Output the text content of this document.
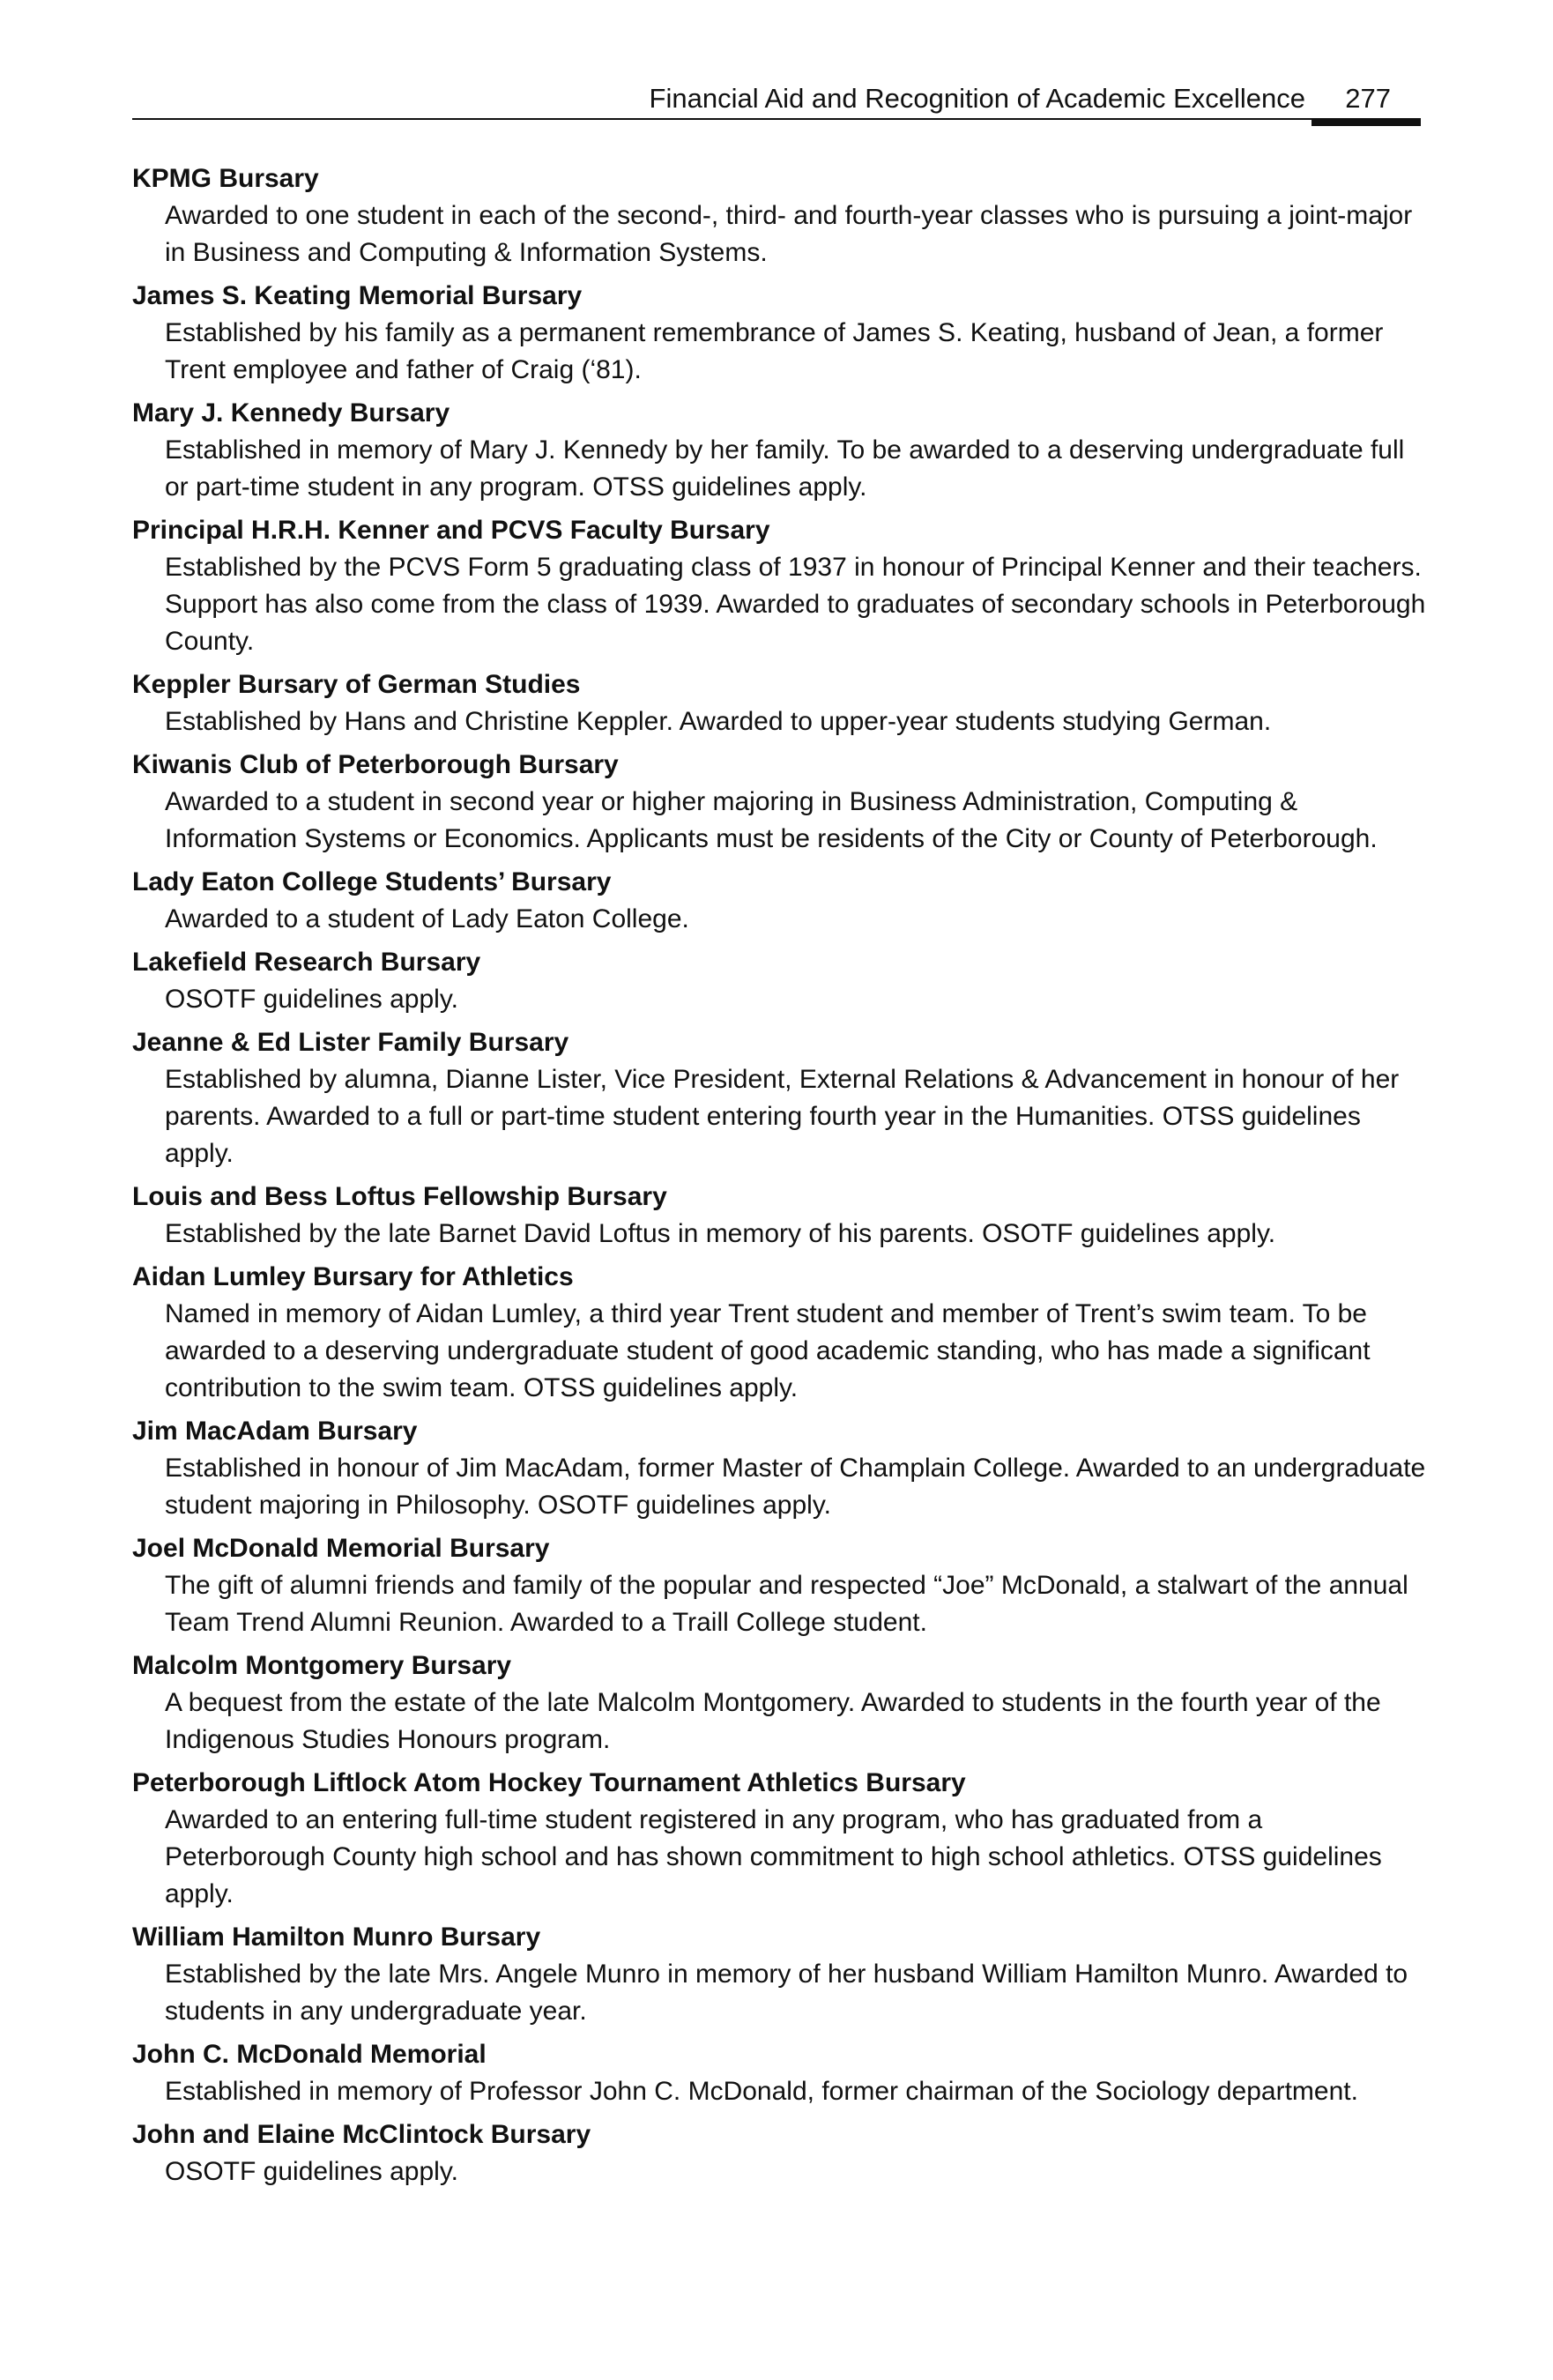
Financial Aid and Recognition of Academic Excellence 277
KPMG Bursary
Awarded to one student in each of the second-, third- and fourth-year classes who is pursuing a joint-major in Business and Computing & Information Systems.
James S. Keating Memorial Bursary
Established by his family as a permanent remembrance of James S. Keating, husband of Jean, a former Trent employee and father of Craig (‘81).
Mary J. Kennedy Bursary
Established in memory of Mary J. Kennedy by her family. To be awarded to a deserving undergraduate full or part-time student in any program. OTSS guidelines apply.
Principal H.R.H. Kenner and PCVS Faculty Bursary
Established by the PCVS Form 5 graduating class of 1937 in honour of Principal Kenner and their teachers. Support has also come from the class of 1939. Awarded to graduates of secondary schools in Peterborough County.
Keppler Bursary of German Studies
Established by Hans and Christine Keppler. Awarded to upper-year students studying German.
Kiwanis Club of Peterborough Bursary
Awarded to a student in second year or higher majoring in Business Administration, Computing & Information Systems or Economics. Applicants must be residents of the City or County of Peterborough.
Lady Eaton College Students’ Bursary
Awarded to a student of Lady Eaton College.
Lakefield Research Bursary
OSOTF guidelines apply.
Jeanne & Ed Lister Family Bursary
Established by alumna, Dianne Lister, Vice President, External Relations & Advancement in honour of her parents. Awarded to a full or part-time student entering fourth year in the Humanities. OTSS guidelines apply.
Louis and Bess Loftus Fellowship Bursary
Established by the late Barnet David Loftus in memory of his parents. OSOTF guidelines apply.
Aidan Lumley Bursary for Athletics
Named in memory of Aidan Lumley, a third year Trent student and member of Trent’s swim team. To be awarded to a deserving undergraduate student of good academic standing, who has made a significant contribution to the swim team. OTSS guidelines apply.
Jim MacAdam Bursary
Established in honour of Jim MacAdam, former Master of Champlain College. Awarded to an undergraduate student majoring in Philosophy. OSOTF guidelines apply.
Joel McDonald Memorial Bursary
The gift of alumni friends and family of the popular and respected “Joe” McDonald, a stalwart of the annual Team Trend Alumni Reunion. Awarded to a Traill College student.
Malcolm Montgomery Bursary
A bequest from the estate of the late Malcolm Montgomery. Awarded to students in the fourth year of the Indigenous Studies Honours program.
Peterborough Liftlock Atom Hockey Tournament Athletics Bursary
Awarded to an entering full-time student registered in any program, who has graduated from a Peterborough County high school and has shown commitment to high school athletics. OTSS guidelines apply.
William Hamilton Munro Bursary
Established by the late Mrs. Angele Munro in memory of her husband William Hamilton Munro. Awarded to students in any undergraduate year.
John C. McDonald Memorial
Established in memory of Professor John C. McDonald, former chairman of the Sociology department.
John and Elaine McClintock Bursary
OSOTF guidelines apply.
